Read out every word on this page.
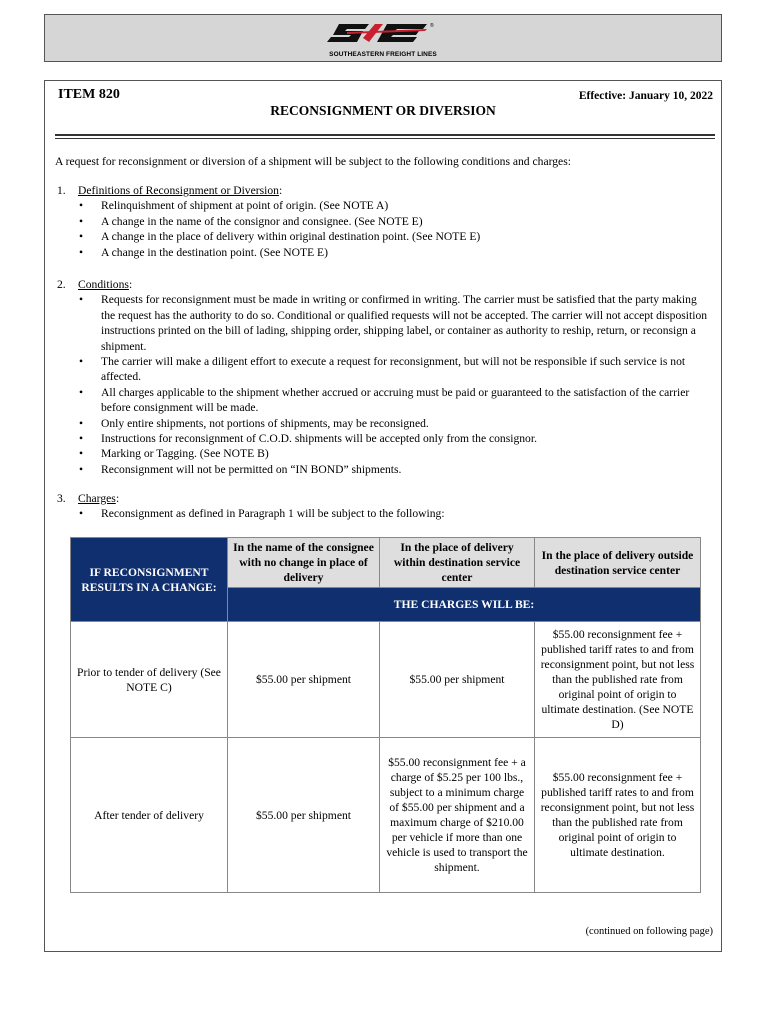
®
SOUTHEASTERN FREIGHT LINES
ITEM 820	Effective: January 10, 2022
RECONSIGNMENT OR DIVERSION
A request for reconsignment or diversion of a shipment will be subject to the following conditions and charges:
1. Definitions of Reconsignment or Diversion :
• Relinquishment of shipment at point of origin. (See NOTE A)
• A change in the name of the consignor and consignee. (See NOTE E)
• A change in the place of delivery within original destination point. (See NOTE E)
• A change in the destination point. (See NOTE E)
2. Conditions :
• Requests for reconsignment must be made in writing or confirmed in writing. The carrier must be satisfied that the party making the request has the authority to do so. Conditional or qualified requests will not be accepted. The carrier will not accept disposition instructions printed on the bill of lading, shipping order, shipping label, or container as authority to reship, return, or reconsign a shipment.
• The carrier will make a diligent effort to execute a request for reconsignment, but will not be responsible if such service is not affected.
• All charges applicable to the shipment whether accrued or accruing must be paid or guaranteed to the satisfaction of the carrier before consignment will be made.
• Only entire shipments, not portions of shipments, may be reconsigned.
• Instructions for reconsignment of C.O.D. shipments will be accepted only from the consignor.
• Marking or Tagging. (See NOTE B)
• Reconsignment will not be permitted on “IN BOND” shipments.
3. Charges :
• Reconsignment as defined in Paragraph 1 will be subject to the following:
IF RECONSIGNMENT RESULTS IN A CHANGE:	In the name of the consignee with no change in place of delivery	In the place of delivery within destination service center	In the place of delivery outside destination service center
	THE CHARGES WILL BE:		
Prior to tender of delivery (See NOTE C)	$55.00 per shipment	$55.00 per shipment	$55.00 reconsignment fee + published tariff rates to and from reconsignment point, but not less than the published rate from original point of origin to ultimate destination. (See NOTE D)
After tender of delivery	$55.00 per shipment	$55.00 reconsignment fee + a charge of $5.25 per 100 lbs., subject to a minimum charge of $55.00 per shipment and a maximum charge of $210.00 per vehicle if more than one vehicle is used to transport the shipment.	$55.00 reconsignment fee + published tariff rates to and from reconsignment point, but not less than the published rate from original point of origin to ultimate destination.
(continued on following page)
